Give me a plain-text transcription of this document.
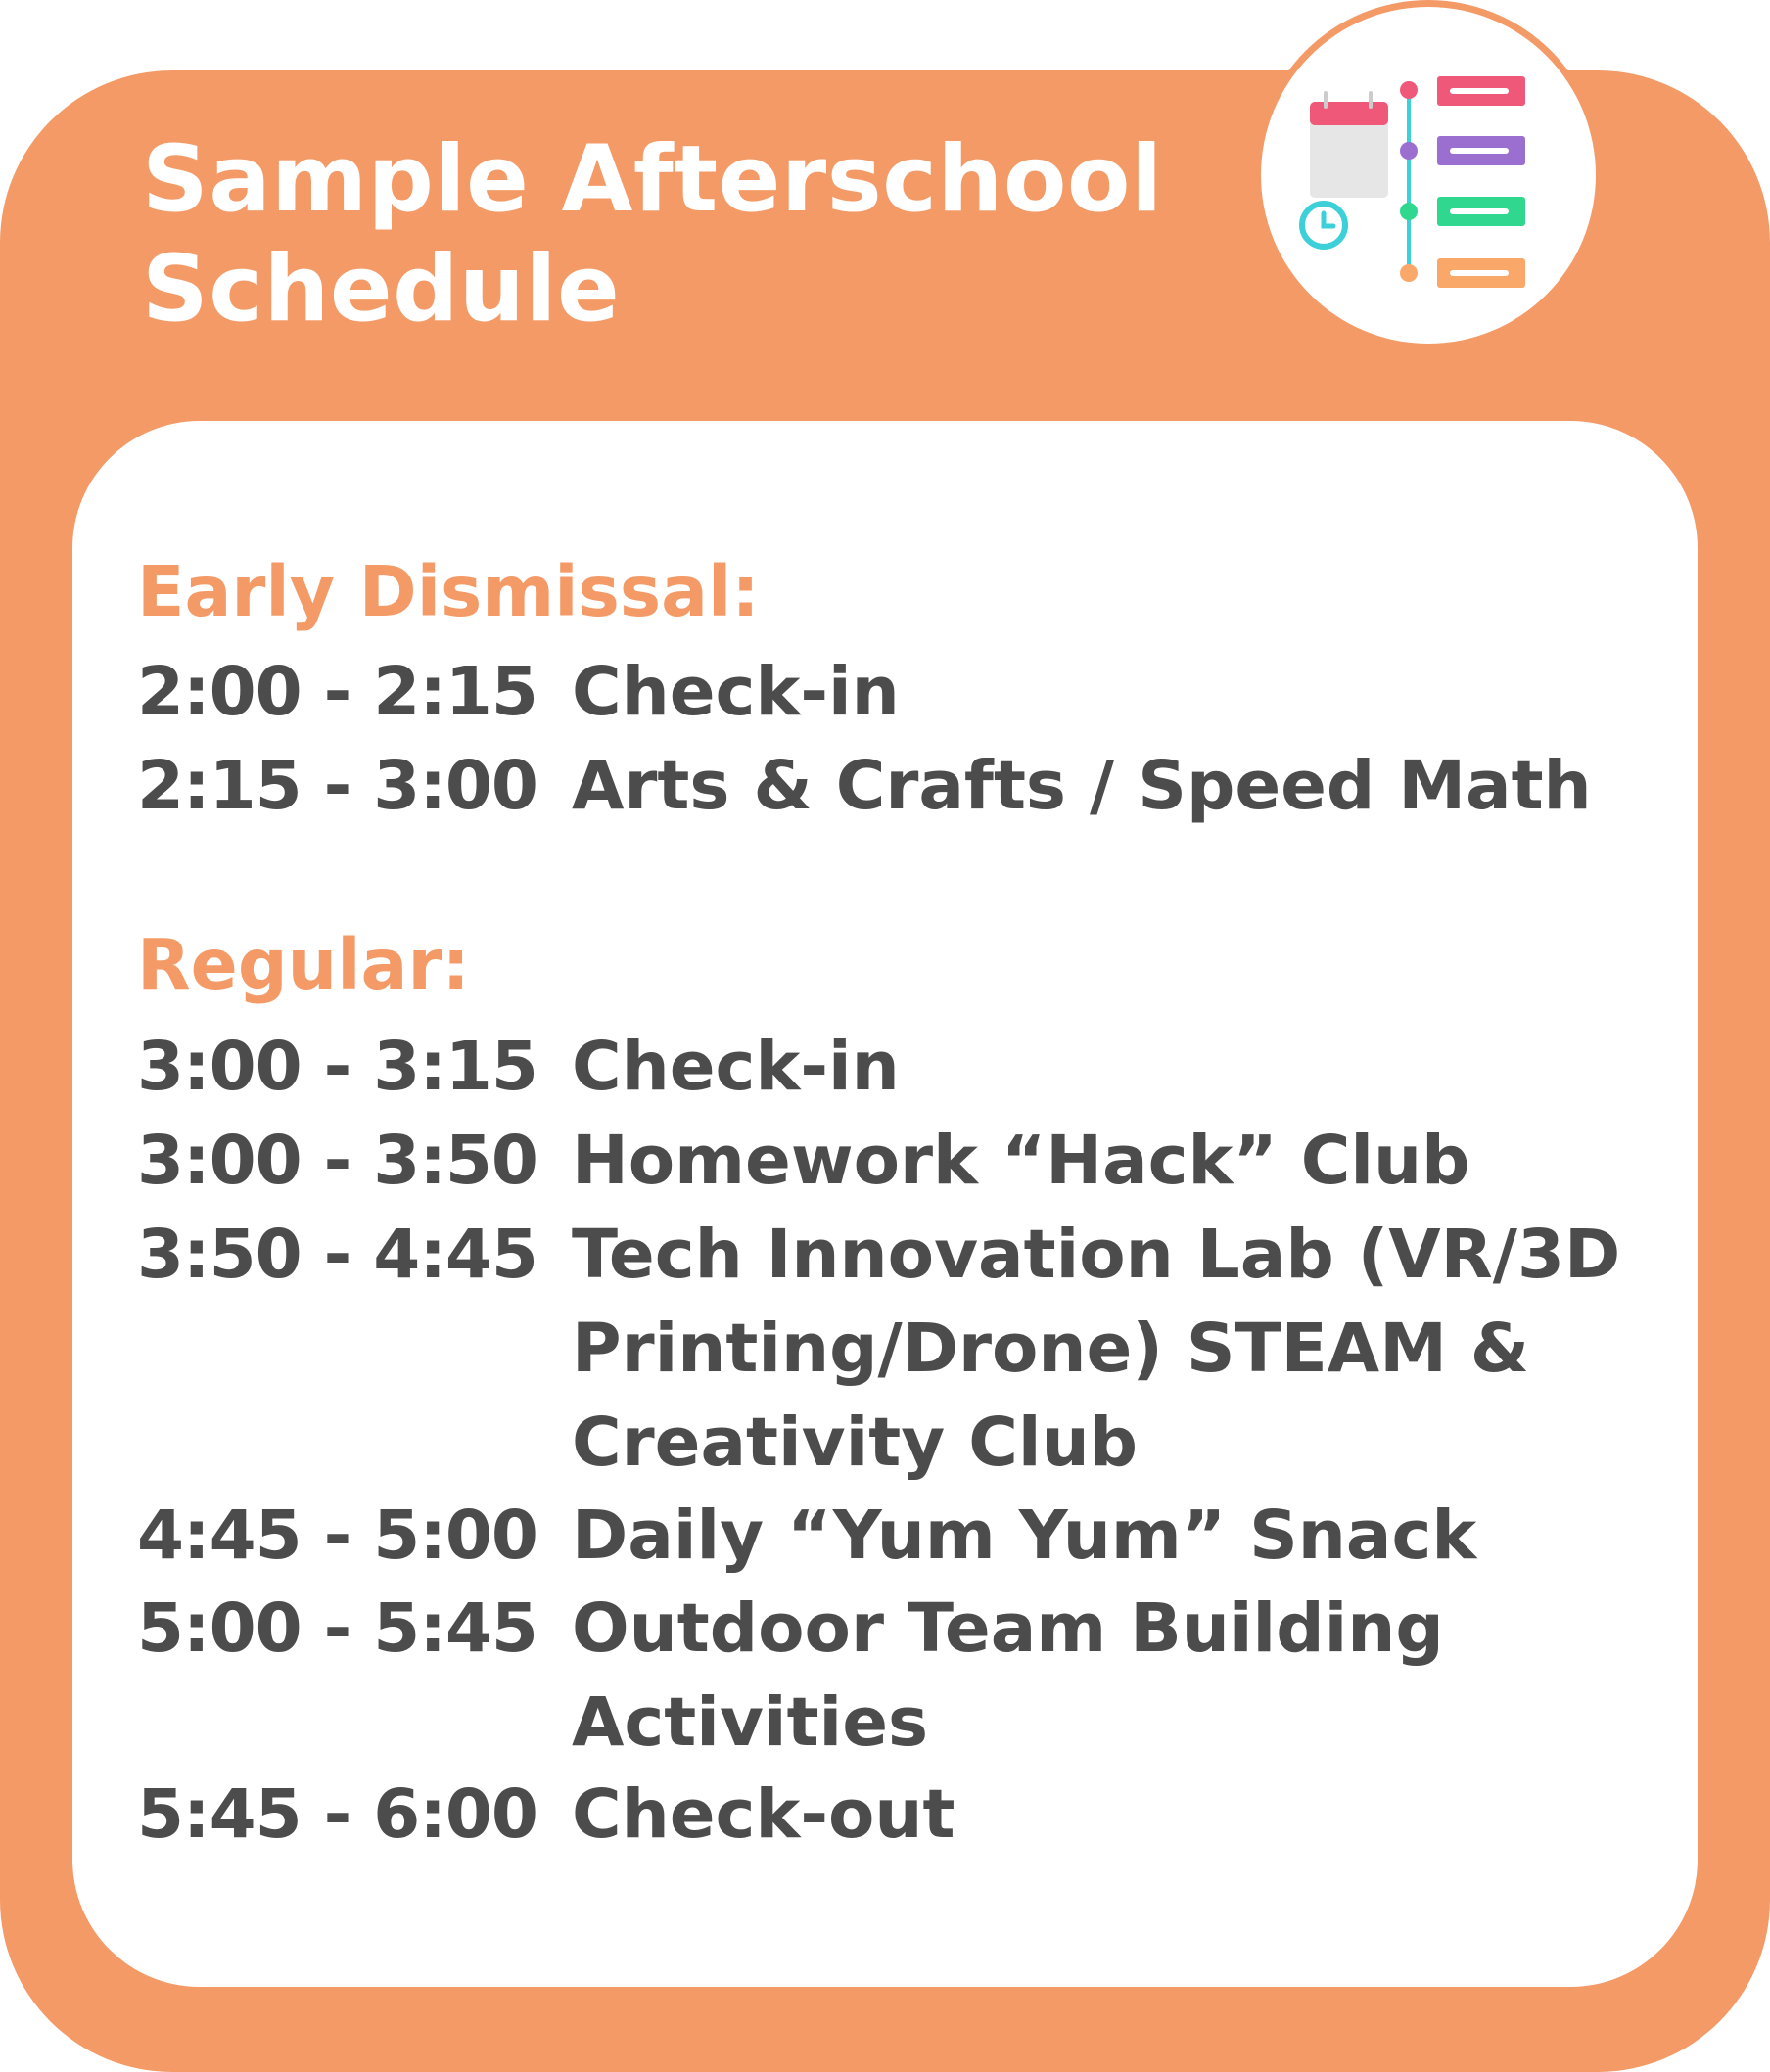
Sample Afterschool
Schedule
Early Dismissal:
2:00 - 2:15 Check-in
2:15 - 3:00 Arts & Crafts / Speed Math
Regular:
3:00 - 3:15 Check-in
3:00 - 3:50 Homework “Hack” Club
3:50 - 4:45 Tech Innovation Lab (VR/3D Printing/Drone) STEAM & Creativity Club
4:45 - 5:00 Daily “Yum Yum” Snack
5:00 - 5:45 Outdoor Team Building Activities
5:45 - 6:00 Check-out
